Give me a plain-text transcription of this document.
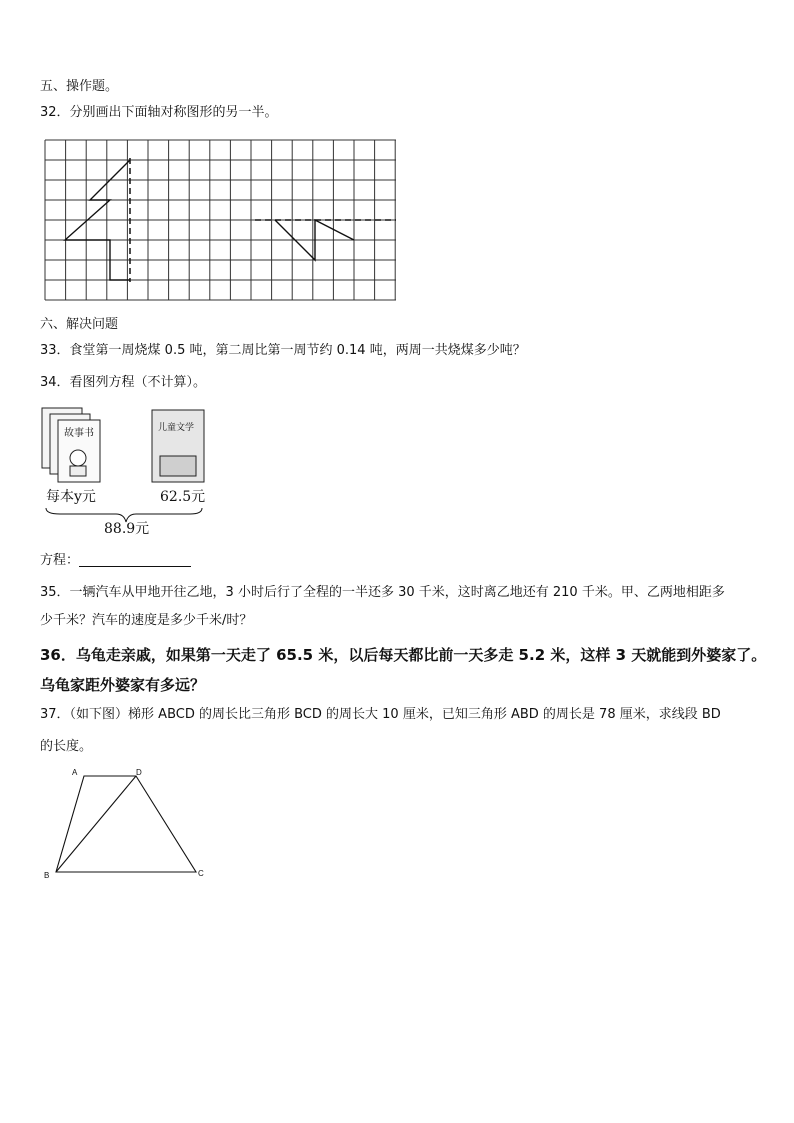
五、操作题。
32．分别画出下面轴对称图形的另一半。
六、解决问题
33．食堂第一周烧煤 0.5 吨，第二周比第一周节约 0.14 吨，两周一共烧煤多少吨？
34．看图列方程（不计算）。
故事书
儿童文学
每本y元	62.5元
88.9元
方程：
35．一辆汽车从甲地开往乙地，3 小时后行了全程的一半还多 30 千米，这时离乙地还有 210 千米。甲、乙两地相距多
少千米？汽车的速度是多少千米/时？
36．乌龟走亲戚，如果第一天走了 65.5 米，以后每天都比前一天多走 5.2 米，这样 3 天就能到外婆家了。
乌龟家距外婆家有多远？
37．（如下图）梯形 ABCD 的周长比三角形 BCD 的周长大 10 厘米，已知三角形 ABD 的周长是 78 厘米，求线段 BD
的长度。
A	D
B	C
